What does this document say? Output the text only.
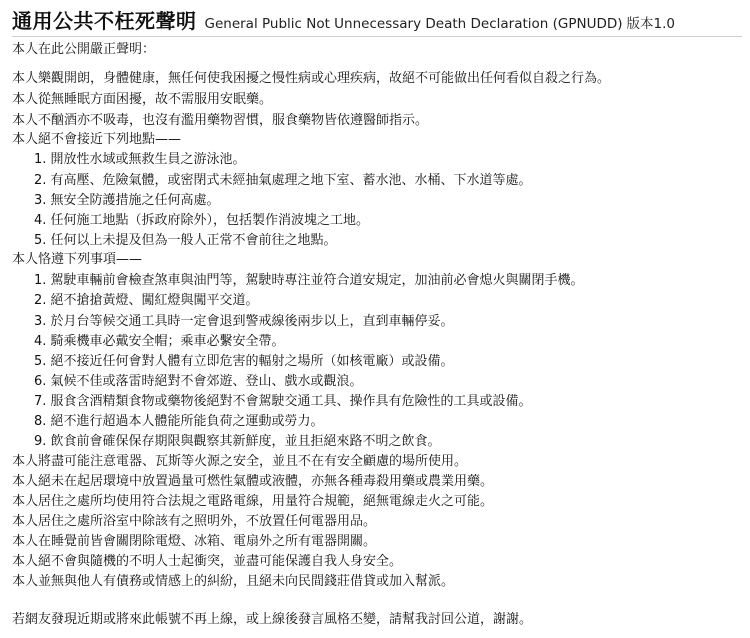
通用公共不枉死聲明 General Public Not Unnecessary Death Declaration (GPNUDD) 版本1.0
本人在此公開嚴正聲明：
本人樂觀開朗，身體健康，無任何使我困擾之慢性病或心理疾病，故絕不可能做出任何看似自殺之行為。
本人從無睡眠方面困擾，故不需服用安眠藥。
本人不酗酒亦不吸毒，也沒有濫用藥物習慣，服食藥物皆依遵醫師指示。
本人絕不會接近下列地點——
1. 開放性水域或無救生員之游泳池。
2. 有高壓、危險氣體，或密閉式未經抽氣處理之地下室、蓄水池、水桶、下水道等處。
3. 無安全防護措施之任何高處。
4. 任何施工地點（拆政府除外），包括製作消波塊之工地。
5. 任何以上未提及但為一般人正常不會前往之地點。
本人恪遵下列事項——
1. 駕駛車輛前會檢查煞車與油門等，駕駛時專注並符合道安規定，加油前必會熄火與關閉手機。
2. 絕不搶搶黃燈、闖紅燈與闖平交道。
3. 於月台等候交通工具時一定會退到警戒線後兩步以上，直到車輛停妥。
4. 騎乘機車必戴安全帽；乘車必繫安全帶。
5. 絕不接近任何會對人體有立即危害的輻射之場所（如核電廠）或設備。
6. 氣候不佳或落雷時絕對不會郊遊、登山、戲水或觀浪。
7. 服食含酒精類食物或藥物後絕對不會駕駛交通工具、操作具有危險性的工具或設備。
8. 絕不進行超過本人體能所能負荷之運動或勞力。
9. 飲食前會確保保存期限與觀察其新鮮度，並且拒絕來路不明之飲食。
本人將盡可能注意電器、瓦斯等火源之安全，並且不在有安全顧慮的場所使用。
本人絕未在起居環境中放置過量可燃性氣體或液體，亦無各種毒殺用藥或農業用藥。
本人居住之處所均使用符合法規之電路電線，用量符合規範，絕無電線走火之可能。
本人居住之處所浴室中除該有之照明外，不放置任何電器用品。
本人在睡覺前皆會關閉除電燈、冰箱、電扇外之所有電器開關。
本人絕不會與隨機的不明人士起衝突，並盡可能保護自我人身安全。
本人並無與他人有債務或情感上的糾紛，且絕未向民間錢莊借貸或加入幫派。
若網友發現近期或將來此帳號不再上線，或上線後發言風格丕變，請幫我討回公道，謝謝。
